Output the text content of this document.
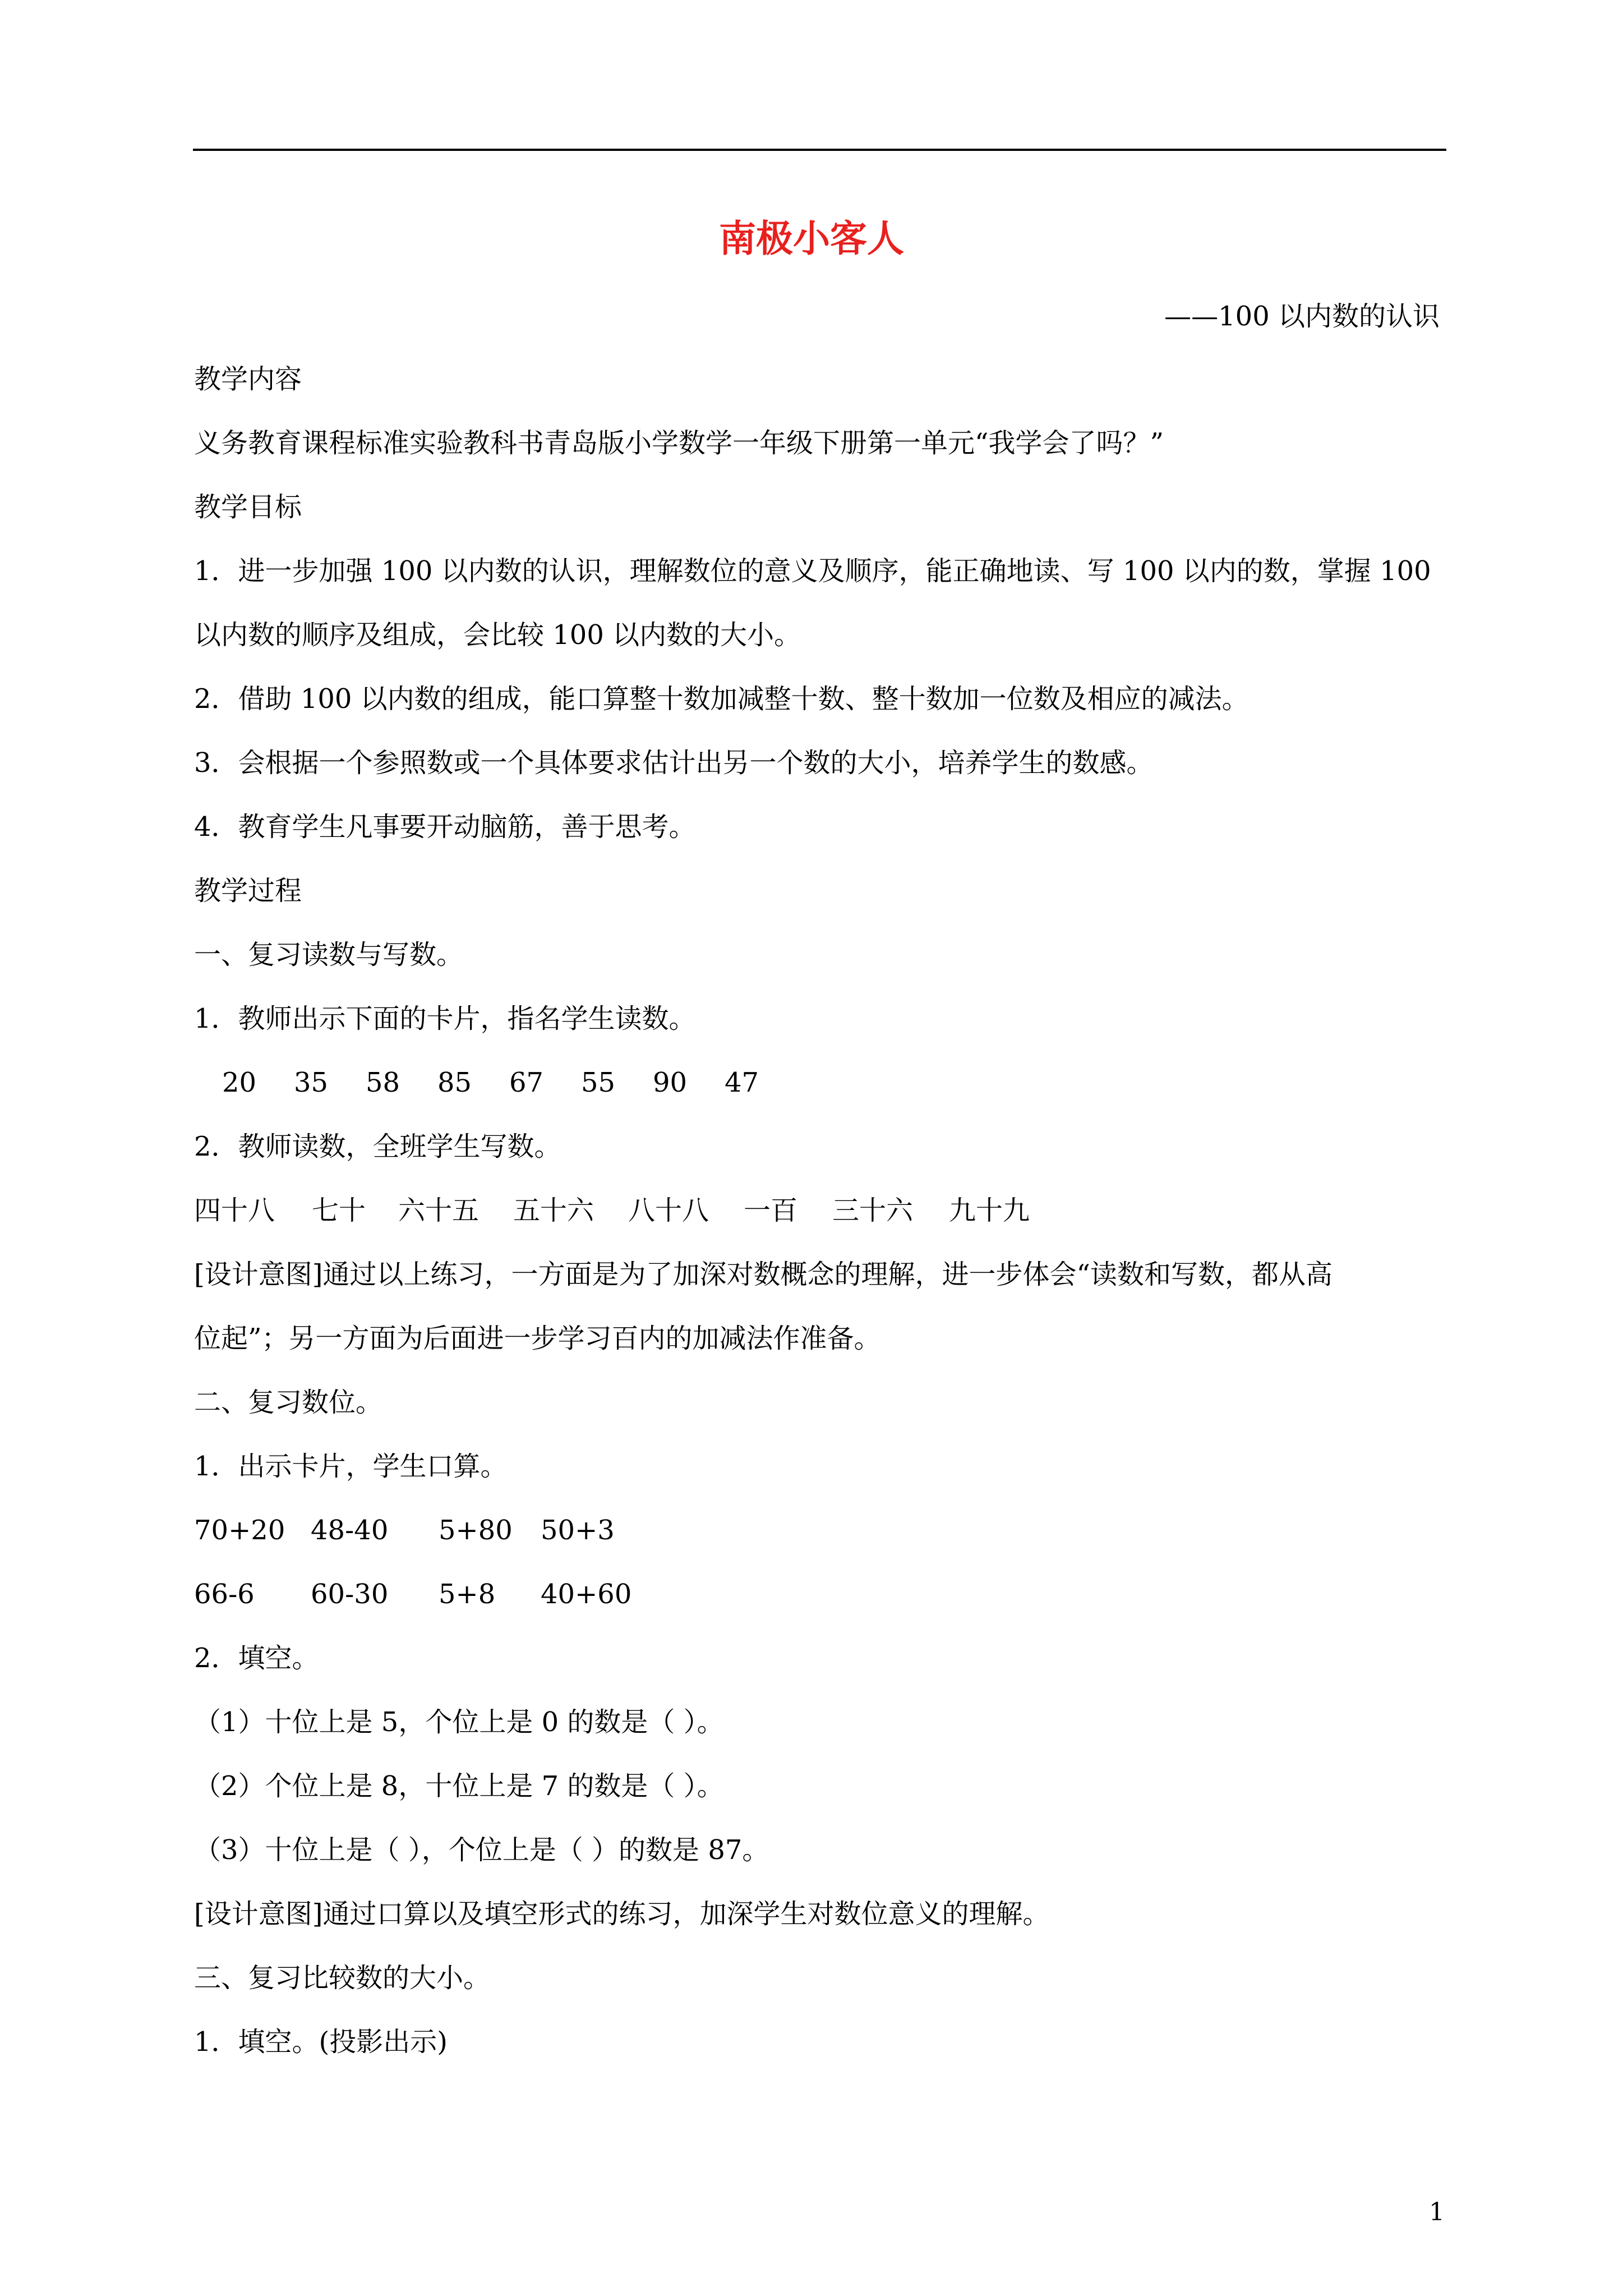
南极小客人
——100 以内数的认识
教学内容
义务教育课程标准实验教科书青岛版小学数学一年级下册第一单元“我学会了吗？”
教学目标
1．进一步加强 100 以内数的认识，理解数位的意义及顺序，能正确地读、写 100 以内的数，掌握 100
以内数的顺序及组成，会比较 100 以内数的大小。
2．借助 100 以内数的组成，能口算整十数加减整十数、整十数加一位数及相应的减法。
3．会根据一个参照数或一个具体要求估计出另一个数的大小，培养学生的数感。
4．教育学生凡事要开动脑筋，善于思考。
教学过程
一、复习读数与写数。
1．教师出示下面的卡片，指名学生读数。
20 35 58 85 67 55 90 47
2．教师读数，全班学生写数。
四十八 七十 六十五 五十六 八十八 一百 三十六 九十九
[设计意图]通过以上练习，一方面是为了加深对数概念的理解，进一步体会“读数和写数，都从高
位起”；另一方面为后面进一步学习百内的加减法作准备。
二、复习数位。
1．出示卡片，学生口算。
70+20 48-40 5+80 50+3
66-6 60-30 5+8 40+60
2．填空。
（1）十位上是 5，个位上是 0 的数是（ ）。
（2）个位上是 8，十位上是 7 的数是（ ）。
（3）十位上是（ ），个位上是（ ）的数是 87。
[设计意图]通过口算以及填空形式的练习，加深学生对数位意义的理解。
三、复习比较数的大小。
1．填空。(投影出示)
1
